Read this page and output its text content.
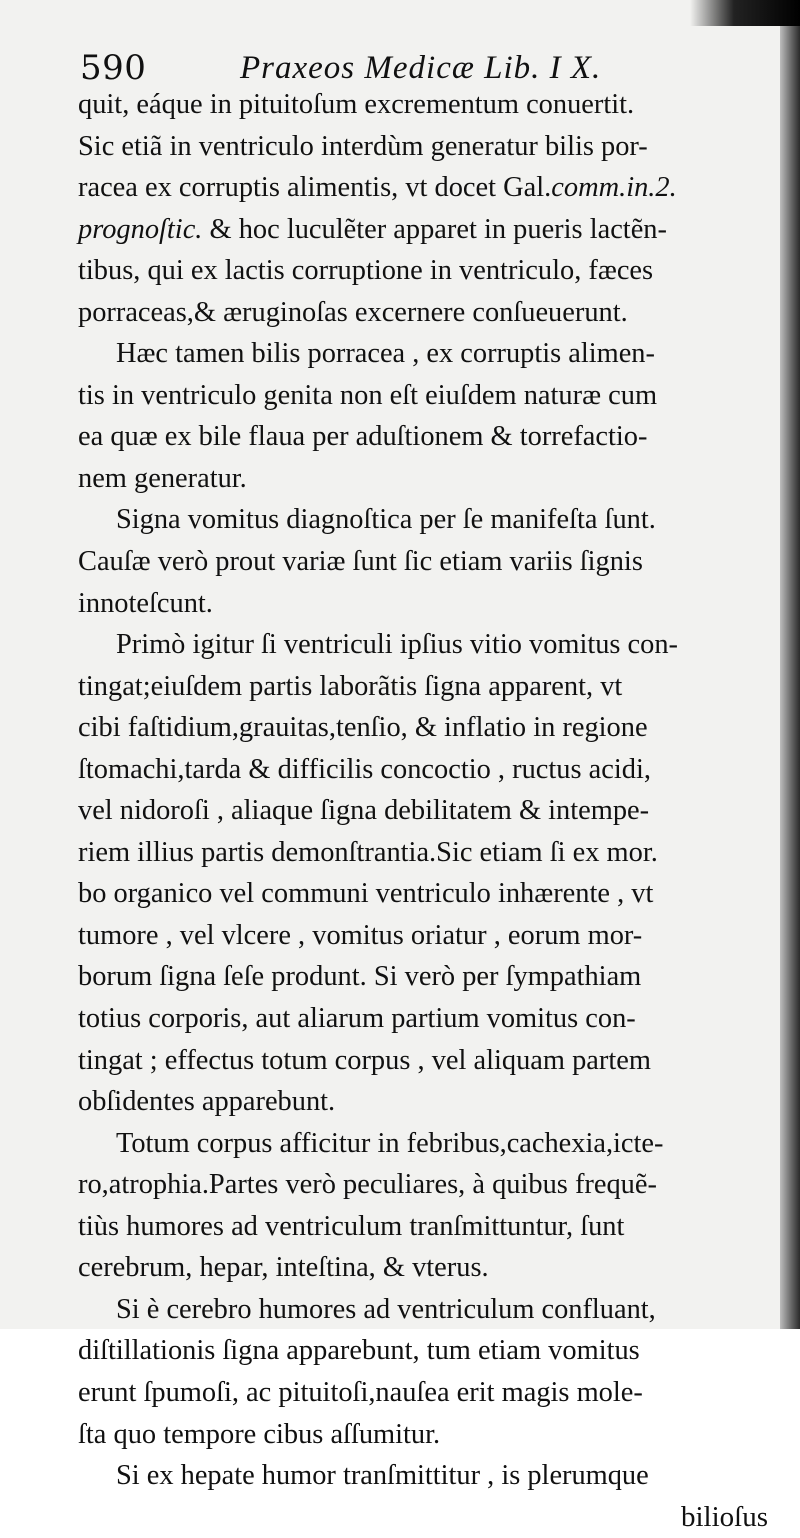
590	Praxeos Medicæ Lib. I X.
quit, eáque in pituitoſum excrementum conuertit.
Sic etiã in ventriculo interdùm generatur bilis por-
racea ex corruptis alimentis, vt docet Gal.comm.in.2.
prognoſtic. & hoc luculẽter apparet in pueris lactẽn-
tibus, qui ex lactis corruptione in ventriculo, fæces
porraceas,& æruginoſas excernere conſueuerunt.
Hæc tamen bilis porracea , ex corruptis alimen-
tis in ventriculo genita non eſt eiuſdem naturæ cum
ea quæ ex bile flaua per aduſtionem & torrefactio-
nem generatur.
Signa vomitus diagnoſtica per ſe manifeſta ſunt.
Cauſæ verò prout variæ ſunt ſic etiam variis ſignis
innoteſcunt.
Primò igitur ſi ventriculi ipſius vitio vomitus con-
tingat;eiuſdem partis laborãtis ſigna apparent, vt
cibi faſtidium,grauitas,tenſio, & inflatio in regione
ſtomachi,tarda & difficilis concoctio , ructus acidi,
vel nidoroſi , aliaque ſigna debilitatem & intempe-
riem illius partis demonſtrantia.Sic etiam ſi ex mor.
bo organico vel communi ventriculo inhærente , vt
tumore , vel vlcere , vomitus oriatur , eorum mor-
borum ſigna ſeſe produnt. Si verò per ſympathiam
totius corporis, aut aliarum partium vomitus con-
tingat ; effectus totum corpus , vel aliquam partem
obſidentes apparebunt.
Totum corpus afficitur in febribus,cachexia,icte-
ro,atrophia.Partes verò peculiares, à quibus frequẽ-
tiùs humores ad ventriculum tranſmittuntur, ſunt
cerebrum, hepar, inteſtina, & vterus.
Si è cerebro humores ad ventriculum confluant,
diſtillationis ſigna apparebunt, tum etiam vomitus
erunt ſpumoſi, ac pituitoſi,nauſea erit magis mole-
ſta quo tempore cibus aſſumitur.
Si ex hepate humor tranſmittitur , is plerumque
bilioſus
